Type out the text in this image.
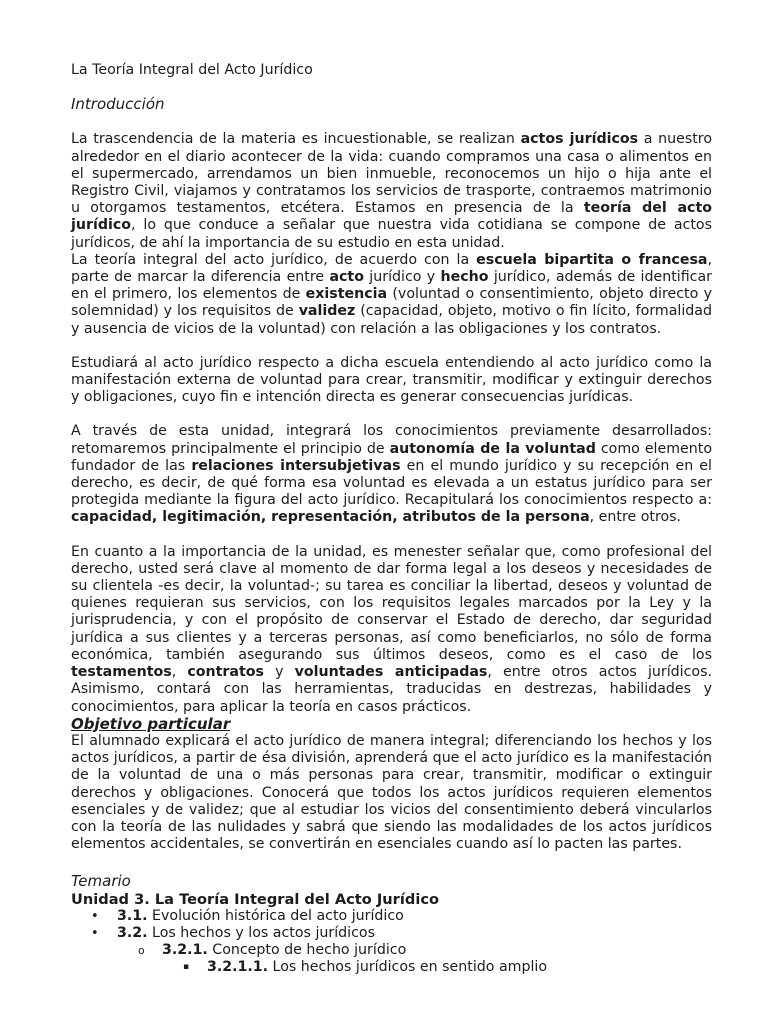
La Teoría Integral del Acto Jurídico

Introducción

La trascendencia de la materia es incuestionable, se realizan actos jurídicos a nuestro alrededor en el diario acontecer de la vida: cuando compramos una casa o alimentos en el supermercado, arrendamos un bien inmueble, reconocemos un hijo o hija ante el Registro Civil, viajamos y contratamos los servicios de trasporte, contraemos matrimonio u otorgamos testamentos, etcétera. Estamos en presencia de la teoría del acto jurídico, lo que conduce a señalar que nuestra vida cotidiana se compone de actos jurídicos, de ahí la importancia de su estudio en esta unidad.

La teoría integral del acto jurídico, de acuerdo con la escuela bipartita o francesa, parte de marcar la diferencia entre acto jurídico y hecho jurídico, además de identificar en el primero, los elementos de existencia (voluntad o consentimiento, objeto directo y solemnidad) y los requisitos de validez (capacidad, objeto, motivo o fin lícito, formalidad y ausencia de vicios de la voluntad) con relación a las obligaciones y los contratos.

Estudiará al acto jurídico respecto a dicha escuela entendiendo al acto jurídico como la manifestación externa de voluntad para crear, transmitir, modificar y extinguir derechos y obligaciones, cuyo fin e intención directa es generar consecuencias jurídicas.

A través de esta unidad, integrará los conocimientos previamente desarrollados: retomaremos principalmente el principio de autonomía de la voluntad como elemento fundador de las relaciones intersubjetivas en el mundo jurídico y su recepción en el derecho, es decir, de qué forma esa voluntad es elevada a un estatus jurídico para ser protegida mediante la figura del acto jurídico. Recapitulará los conocimientos respecto a: capacidad, legitimación, representación, atributos de la persona, entre otros.

En cuanto a la importancia de la unidad, es menester señalar que, como profesional del derecho, usted será clave al momento de dar forma legal a los deseos y necesidades de su clientela -es decir, la voluntad-; su tarea es conciliar la libertad, deseos y voluntad de quienes requieran sus servicios, con los requisitos legales marcados por la Ley y la jurisprudencia, y con el propósito de conservar el Estado de derecho, dar seguridad jurídica a sus clientes y a terceras personas, así como beneficiarlos, no sólo de forma económica, también asegurando sus últimos deseos, como es el caso de los testamentos, contratos y voluntades anticipadas, entre otros actos jurídicos. Asimismo, contará con las herramientas, traducidas en destrezas, habilidades y conocimientos, para aplicar la teoría en casos prácticos.

Objetivo particular

El alumnado explicará el acto jurídico de manera integral; diferenciando los hechos y los actos jurídicos, a partir de ésa división, aprenderá que el acto jurídico es la manifestación de la voluntad de una o más personas para crear, transmitir, modificar o extinguir derechos y obligaciones. Conocerá que todos los actos jurídicos requieren elementos esenciales y de validez; que al estudiar los vicios del consentimiento deberá vincularlos con la teoría de las nulidades y sabrá que siendo las modalidades de los actos jurídicos elementos accidentales, se convertirán en esenciales cuando así lo pacten las partes.

Temario

Unidad 3. La Teoría Integral del Acto Jurídico

• 3.1. Evolución histórica del acto jurídico
• 3.2. Los hechos y los actos jurídicos
o 3.2.1. Concepto de hecho jurídico
▪ 3.2.1.1. Los hechos jurídicos en sentido amplio
